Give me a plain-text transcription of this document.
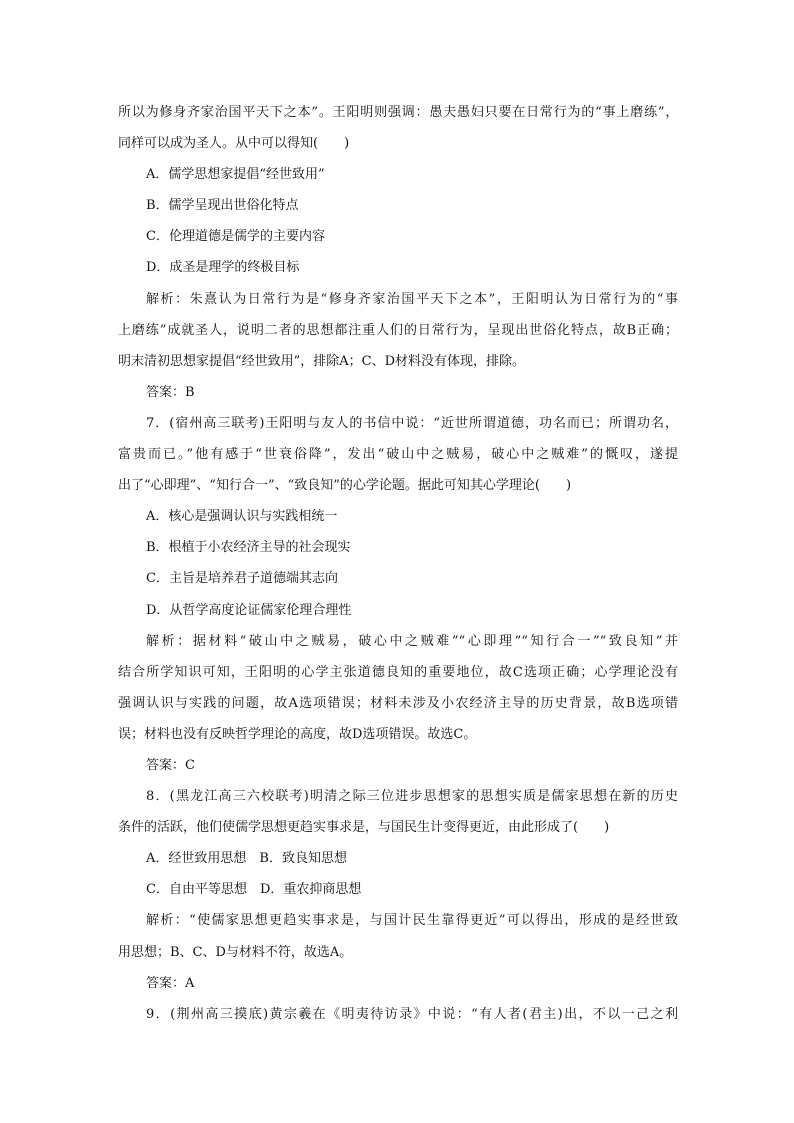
所以为修身齐家治国平天下之本”。王阳明则强调：愚夫愚妇只要在日常行为的“事上磨练”，
同样可以成为圣人。从中可以得知(　　)
A．儒学思想家提倡“经世致用”
B．儒学呈现出世俗化特点
C．伦理道德是儒学的主要内容
D．成圣是理学的终极目标
解析：朱熹认为日常行为是“修身齐家治国平天下之本”，王阳明认为日常行为的“事
上磨练”成就圣人，说明二者的思想都注重人们的日常行为，呈现出世俗化特点，故B正确；
明末清初思想家提倡“经世致用”，排除A；C、D材料没有体现，排除。
答案：B
7．(宿州高三联考)王阳明与友人的书信中说：“近世所谓道德，功名而已；所谓功名，
富贵而已。”他有感于“世衰俗降”，发出“破山中之贼易，破心中之贼难”的慨叹，遂提
出了“心即理”、“知行合一”、“致良知”的心学论题。据此可知其心学理论(　　)
A．核心是强调认识与实践相统一
B．根植于小农经济主导的社会现实
C．主旨是培养君子道德端其志向
D．从哲学高度论证儒家伦理合理性
解析：据材料“破山中之贼易，破心中之贼难”“心即理”“知行合一”“致良知”并
结合所学知识可知，王阳明的心学主张道德良知的重要地位，故C选项正确；心学理论没有
强调认识与实践的问题，故A选项错误；材料未涉及小农经济主导的历史背景，故B选项错
误；材料也没有反映哲学理论的高度，故D选项错误。故选C。
答案：C
8．(黑龙江高三六校联考)明清之际三位进步思想家的思想实质是儒家思想在新的历史
条件的活跃，他们使儒学思想更趋实事求是，与国民生计变得更近，由此形成了(　　)
A．经世致用思想　B．致良知思想
C．自由平等思想　D．重农抑商思想
解析：“使儒家思想更趋实事求是，与国计民生靠得更近”可以得出，形成的是经世致
用思想；B、C、D与材料不符，故选A。
答案：A
9．(荆州高三摸底)黄宗羲在《明夷待访录》中说：“有人者(君主)出，不以一己之利
